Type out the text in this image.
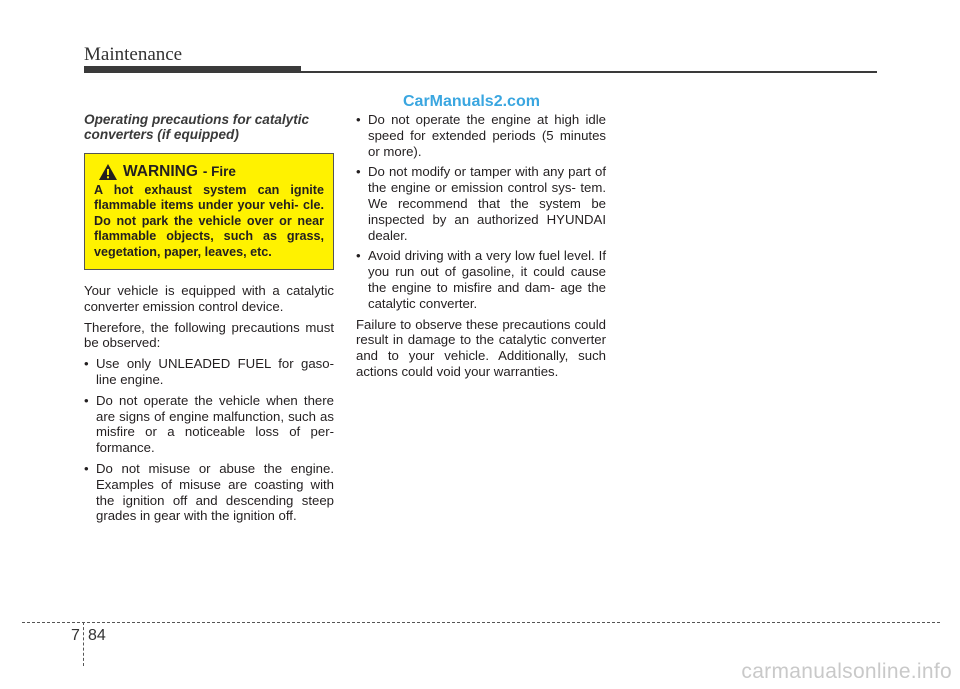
Maintenance
CarManuals2.com
Operating precautions for catalytic
converters (if equipped)
WARNING - Fire
A hot exhaust system can ignite flammable items under your vehi- cle. Do not park the vehicle over or near flammable objects, such as grass, vegetation, paper, leaves, etc.

Your vehicle is equipped with a catalytic converter emission control device.

Therefore, the following precautions must be observed:

• Use only UNLEADED FUEL for gaso- line engine.
• Do not operate the vehicle when there are signs of engine malfunction, such as misfire or a noticeable loss of per- formance.
• Do not misuse or abuse the engine. Examples of misuse are coasting with the ignition off and descending steep grades in gear with the ignition off.
• Do not operate the engine at high idle speed for extended periods (5 minutes or more).
• Do not modify or tamper with any part of the engine or emission control sys- tem. We recommend that the system be inspected by an authorized HYUNDAI dealer.
• Avoid driving with a very low fuel level. If you run out of gasoline, it could cause the engine to misfire and dam- age the catalytic converter.

Failure to observe these precautions could result in damage to the catalytic converter and to your vehicle. Additionally, such actions could void your warranties.

7 84
carmanualsonline.info
